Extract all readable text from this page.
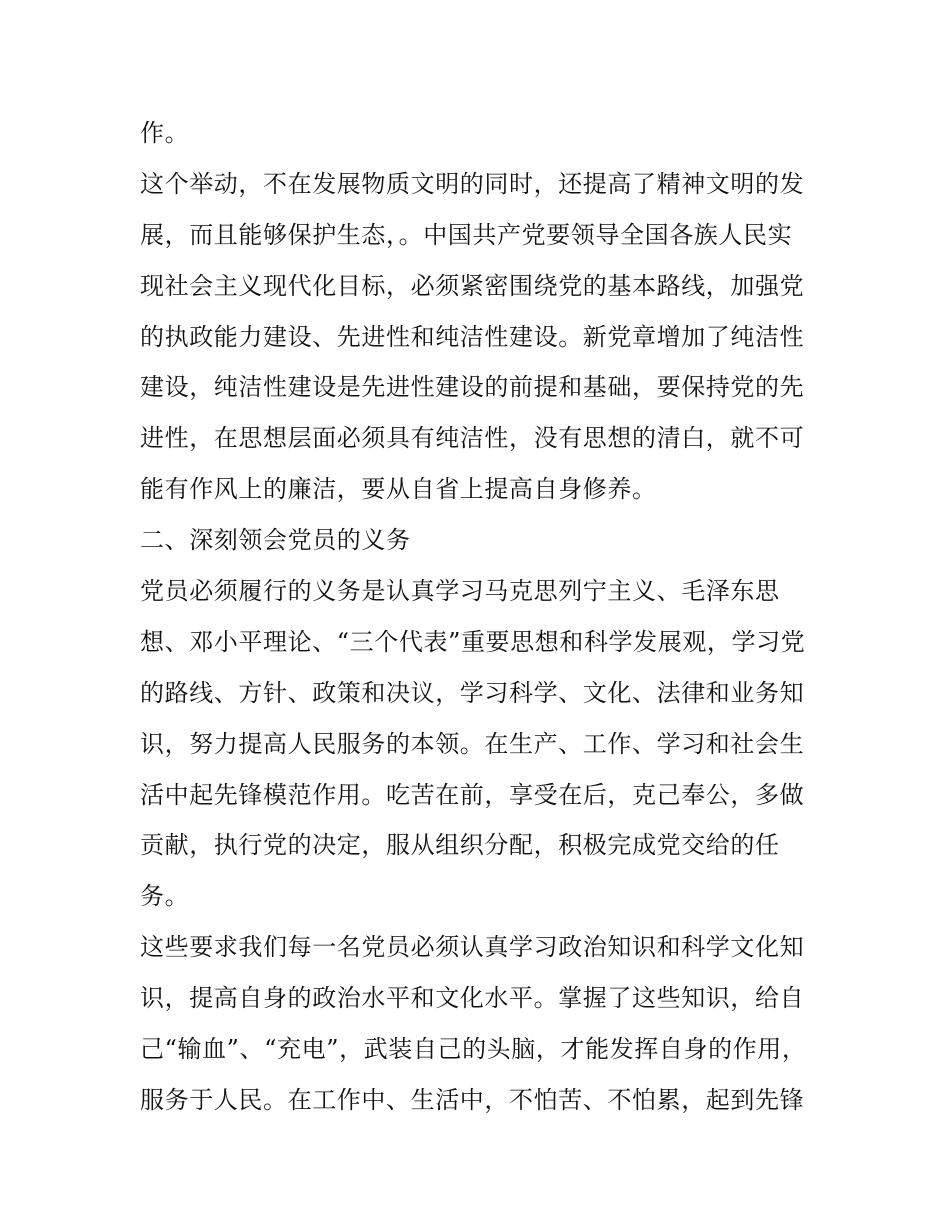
作。
这个举动，不在发展物质文明的同时，还提高了精神文明的发
展，而且能够保护生态，。中国共产党要领导全国各族人民实
现社会主义现代化目标，必须紧密围绕党的基本路线，加强党
的执政能力建设、先进性和纯洁性建设。新党章增加了纯洁性
建设，纯洁性建设是先进性建设的前提和基础，要保持党的先
进性，在思想层面必须具有纯洁性，没有思想的清白，就不可
能有作风上的廉洁，要从自省上提高自身修养。
二、深刻领会党员的义务
党员必须履行的义务是认真学习马克思列宁主义、毛泽东思
想、邓小平理论、“三个代表”重要思想和科学发展观，学习党
的路线、方针、政策和决议，学习科学、文化、法律和业务知
识，努力提高人民服务的本领。在生产、工作、学习和社会生
活中起先锋模范作用。吃苦在前，享受在后，克己奉公，多做
贡献，执行党的决定，服从组织分配，积极完成党交给的任
务。
这些要求我们每一名党员必须认真学习政治知识和科学文化知
识，提高自身的政治水平和文化水平。掌握了这些知识，给自
己“输血”、“充电”，武装自己的头脑，才能发挥自身的作用，
服务于人民。在工作中、生活中，不怕苦、不怕累，起到先锋
